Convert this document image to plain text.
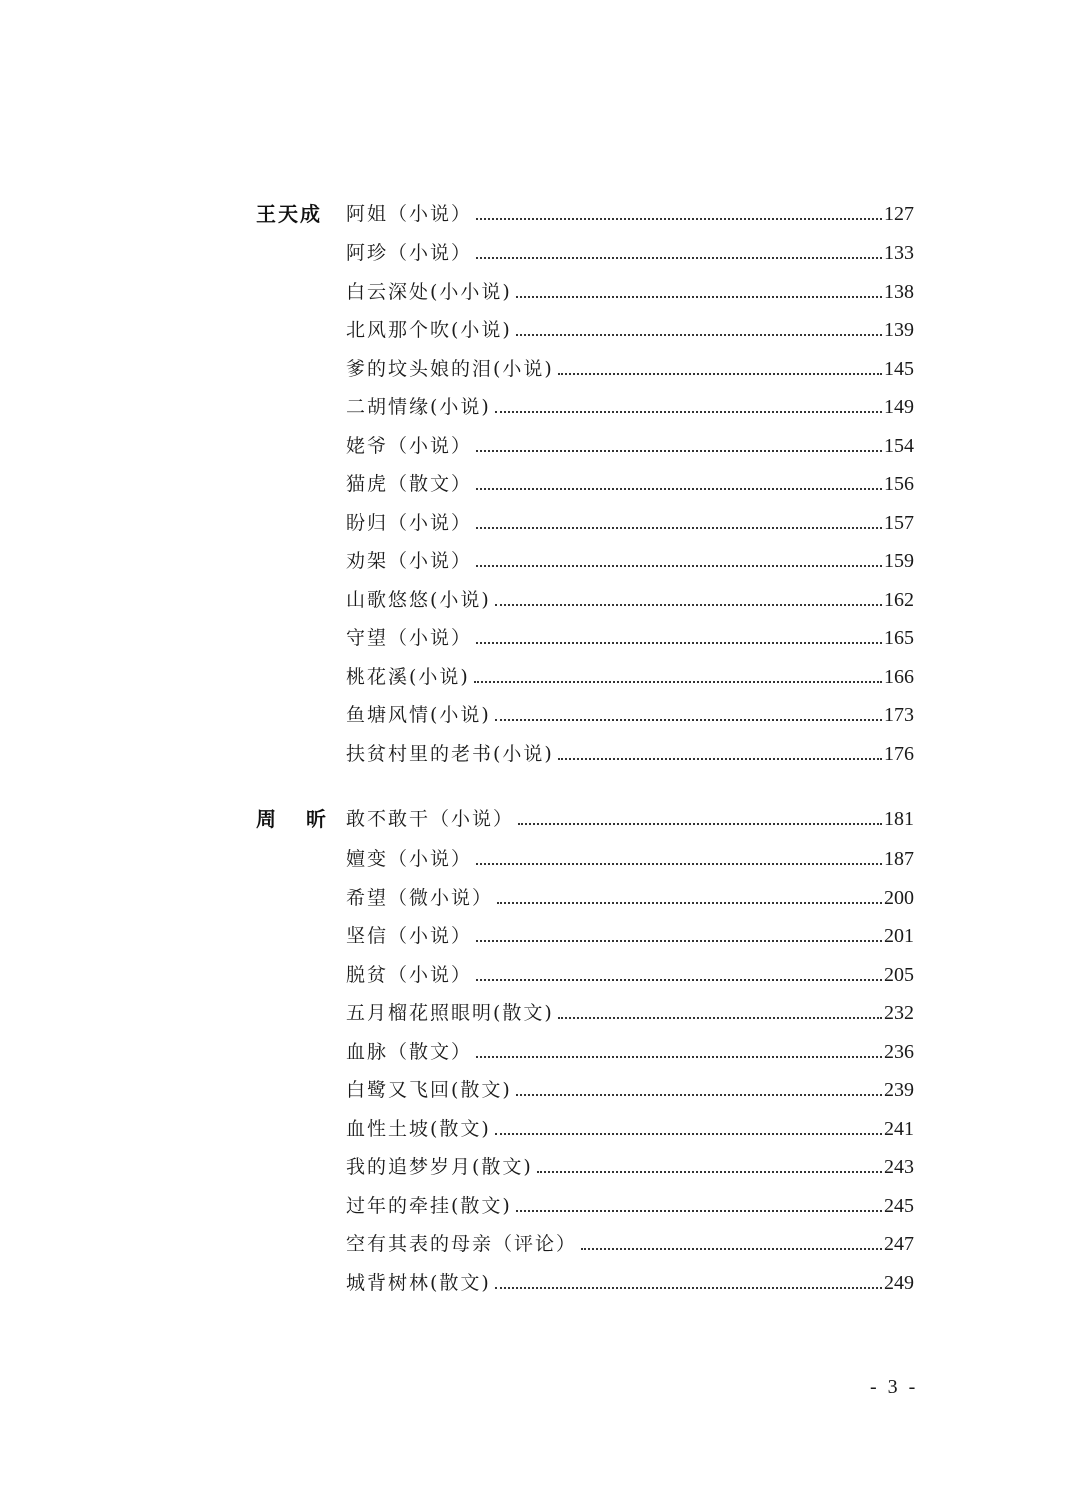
王天成 阿姐（小说）	127
阿珍（小说）	133
白云深处(小小说)	138
北风那个吹(小说)	139
爹的坟头娘的泪(小说)	145
二胡情缘(小说)	149
姥爷（小说）	154
猫虎（散文）	156
盼归（小说）	157
劝架（小说）	159
山歌悠悠(小说)	162
守望（小说）	165
桃花溪(小说)	166
鱼塘风情(小说)	173
扶贫村里的老书(小说)	176
周 昕 敢不敢干（小说）	181
嬗变（小说）	187
希望（微小说）	200
坚信（小说）	201
脱贫（小说）	205
五月榴花照眼明(散文)	232
血脉（散文）	236
白鹭又飞回(散文)	239
血性土坡(散文)	241
我的追梦岁月(散文)	243
过年的牵挂(散文)	245
空有其表的母亲（评论）	247
城背树林(散文)	249
- 3 -
